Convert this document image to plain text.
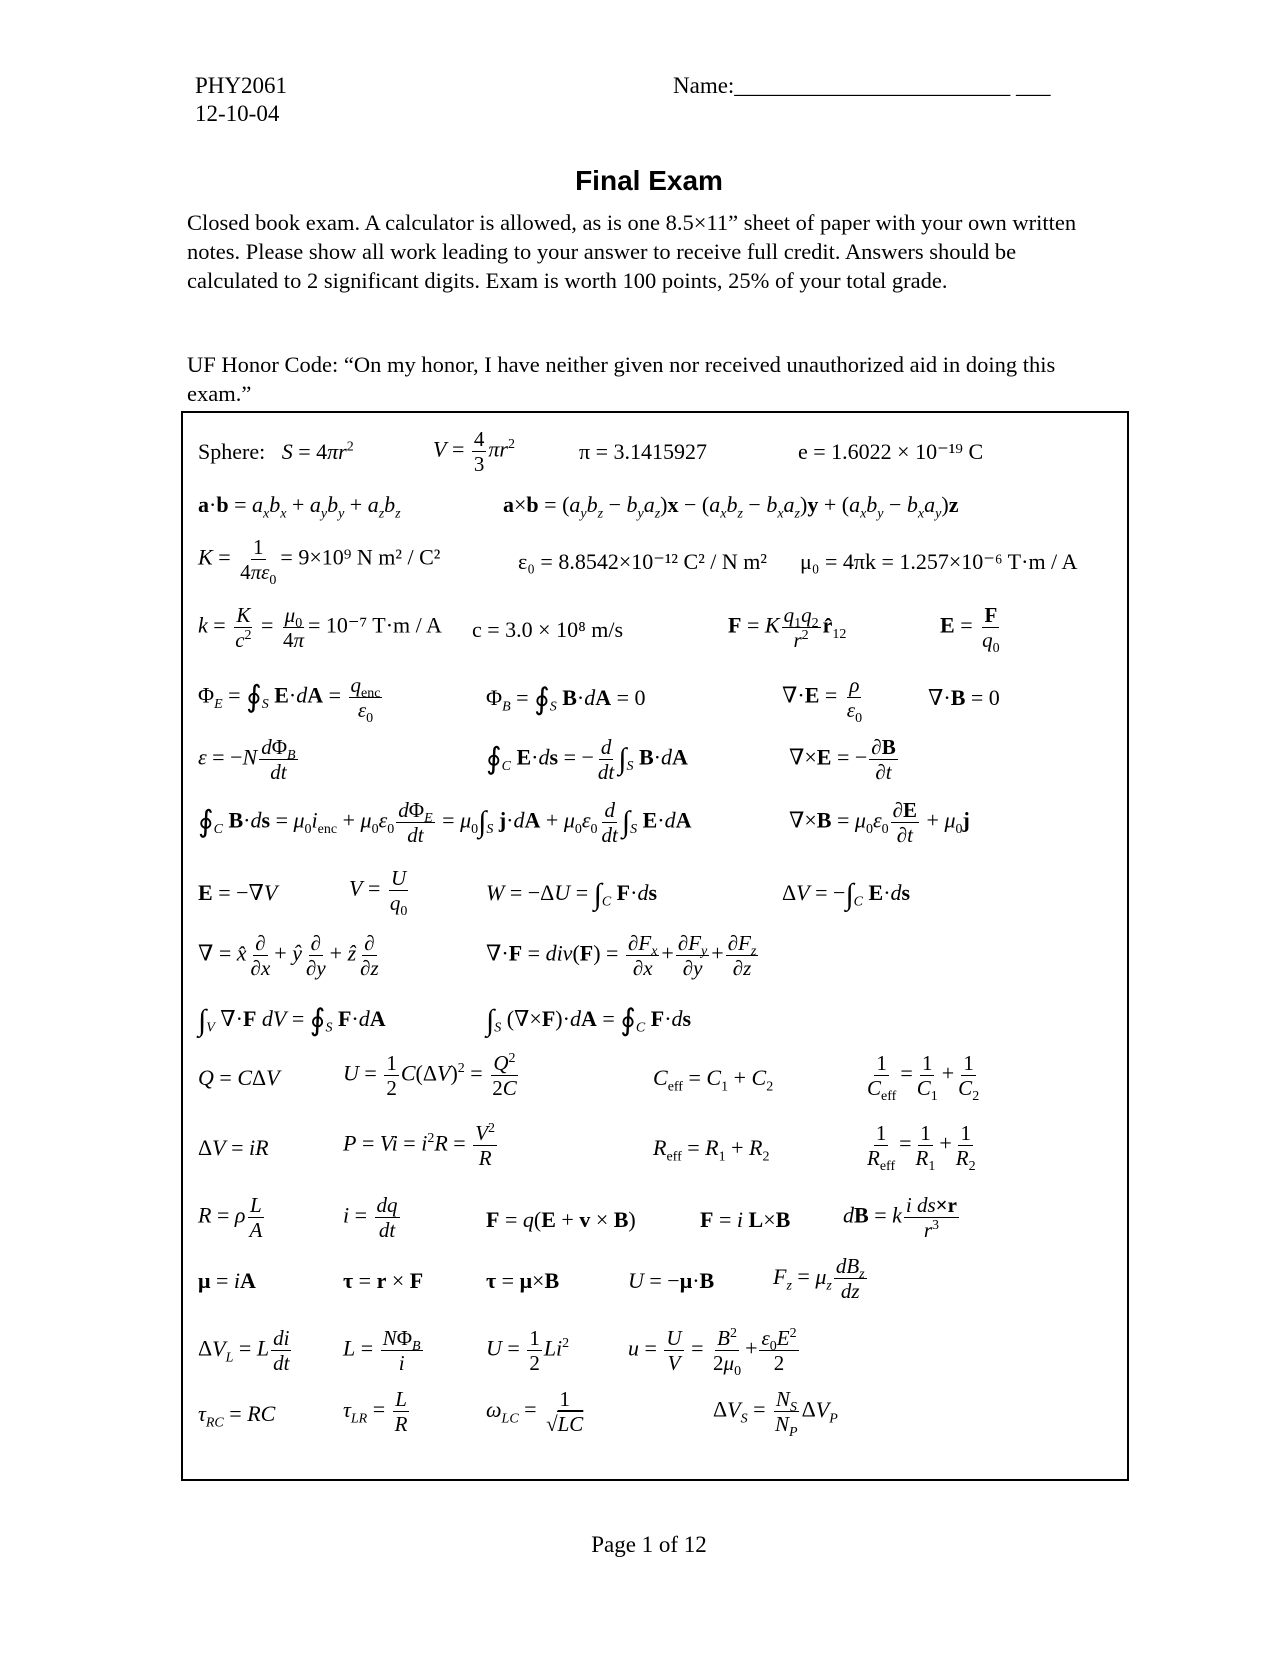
PHY2061
12-10-04
Name:________________________ ___
Final Exam
Closed book exam. A calculator is allowed, as is one 8.5×11” sheet of paper with your own written notes. Please show all work leading to your answer to receive full credit. Answers should be calculated to 2 significant digits. Exam is worth 100 points, 25% of your total grade.
UF Honor Code: “On my honor, I have neither given nor received unauthorized aid in doing this exam.”
Sphere: $S = 4\pi r^2$	$V = \frac{4}{3} \pi r^2$	π = 3.1415927	e = 1.6022 × 10⁻¹⁹ C
$a\cdot b = a_xb_x + a_yb_y + a_zb_z$	$a\times b = (a_yb_z - b_ya_z)x - (a_xb_z - b_xa_z)y + (a_xb_y - b_xa_y)z$
$K = \frac{1}{4\pi\varepsilon_0} = 9\times 10^9$ N m² / C²	ε₀ = 8.8542×10⁻¹² C² / N m² μ₀ = 4πk = 1.257×10⁻⁶ T·m / A
$k = \frac{K}{c^2} = \frac{\mu_0}{4\pi} = 10^{-7}$ T·m / A c = 3.0 × 10⁸ m/s	F = K $\frac{q_1q_2}{r^2}$ $r̂_{12}$	$E = \frac{F}{q_0}$
$\Phi_E$ = $∮_S$ $E\cdot dA = \frac{q_{enc}}{\varepsilon_0}$	$\Phi_B$ = $∮_S$ B·dA = 0	$\nabla\cdot E = \frac{\rho}{\varepsilon_0}$	∇·B = 0
$\varepsilon = -N \frac{d\Phi_B}{dt}$	$∮_C$ E·ds = − $\frac{d}{dt} \int_S$ B·dA	∇×E = − $\frac{\partial B}{\partial t}$
$∮_C$ $B\cdot ds = \mu_0i_{enc} + \mu_0\varepsilon_0 \frac{d\Phi_E}{dt} = \mu_0\int_S$ $j\cdot dA + \mu_0\varepsilon_0 \frac{d}{dt} \int_S$ E·dA	$\nabla\times B = \mu_0\varepsilon_0 \frac{\partial E}{\partial t} + \mu_0j$
E = −∇V	$V = \frac{U}{q_0}$	$W = -\Delta U = \int_C$ F·ds	$\Delta V = -\int_C$ E·ds
∇ = x̂ $\frac{\partial}{\partial x}$ + ŷ $\frac{\partial}{\partial y}$ + ẑ $\frac{\partial}{\partial z}$	$\nabla\cdot F = div(F) = \frac{\partial F_x}{\partial x} + \frac{\partial F_y}{\partial y} + \frac{\partial F_z}{\partial z}$
$\int_V$ ∇·F dV = $∮_S$ F·dA	$\int_S$ $(\nabla\times F)\cdot dA = ∮_C$ F·ds
Q = CΔV	$U = \frac{1}{2} C(\Delta V)^2 = \frac{Q^2}{2C}$	$C_{eff} = C_1 + C_2$	$\frac{1}{C_{eff}} = \frac{1}{C_1} + \frac{1}{C_2}$
ΔV = iR	$P = Vi = i^2R = \frac{V^2}{R}$	$R_{eff} = R_1 + R_2$	$\frac{1}{R_{eff}} = \frac{1}{R_1} + \frac{1}{R_2}$
R = ρ $\frac{L}{A}$	$i = \frac{dq}{dt}$	F = q(E + v × B)	F = i L×B dB = k $\frac{\text{i ds×r}}{r^3}$
μ = iA	τ = r × F	τ = μ×B	U = −μ·B	$F_z = \mu_z \frac{dB_z}{dz}$
$\Delta V_L = L \frac{di}{dt}$ $L = \frac{N\Phi_B}{i}$	$U = \frac{1}{2} Li^2$	$u = \frac{U}{V} = \frac{B^2}{2\mu_0} + \frac{\varepsilon_0E^2}{2}$
$\tau_{RC}$ = RC	$\tau_{LR} = \frac{L}{R}$	$\omega_{LC} = \frac{1}{√LC}$	$\Delta V_S = \frac{N_S}{N_P} \Delta V_P$
Page 1 of 12
